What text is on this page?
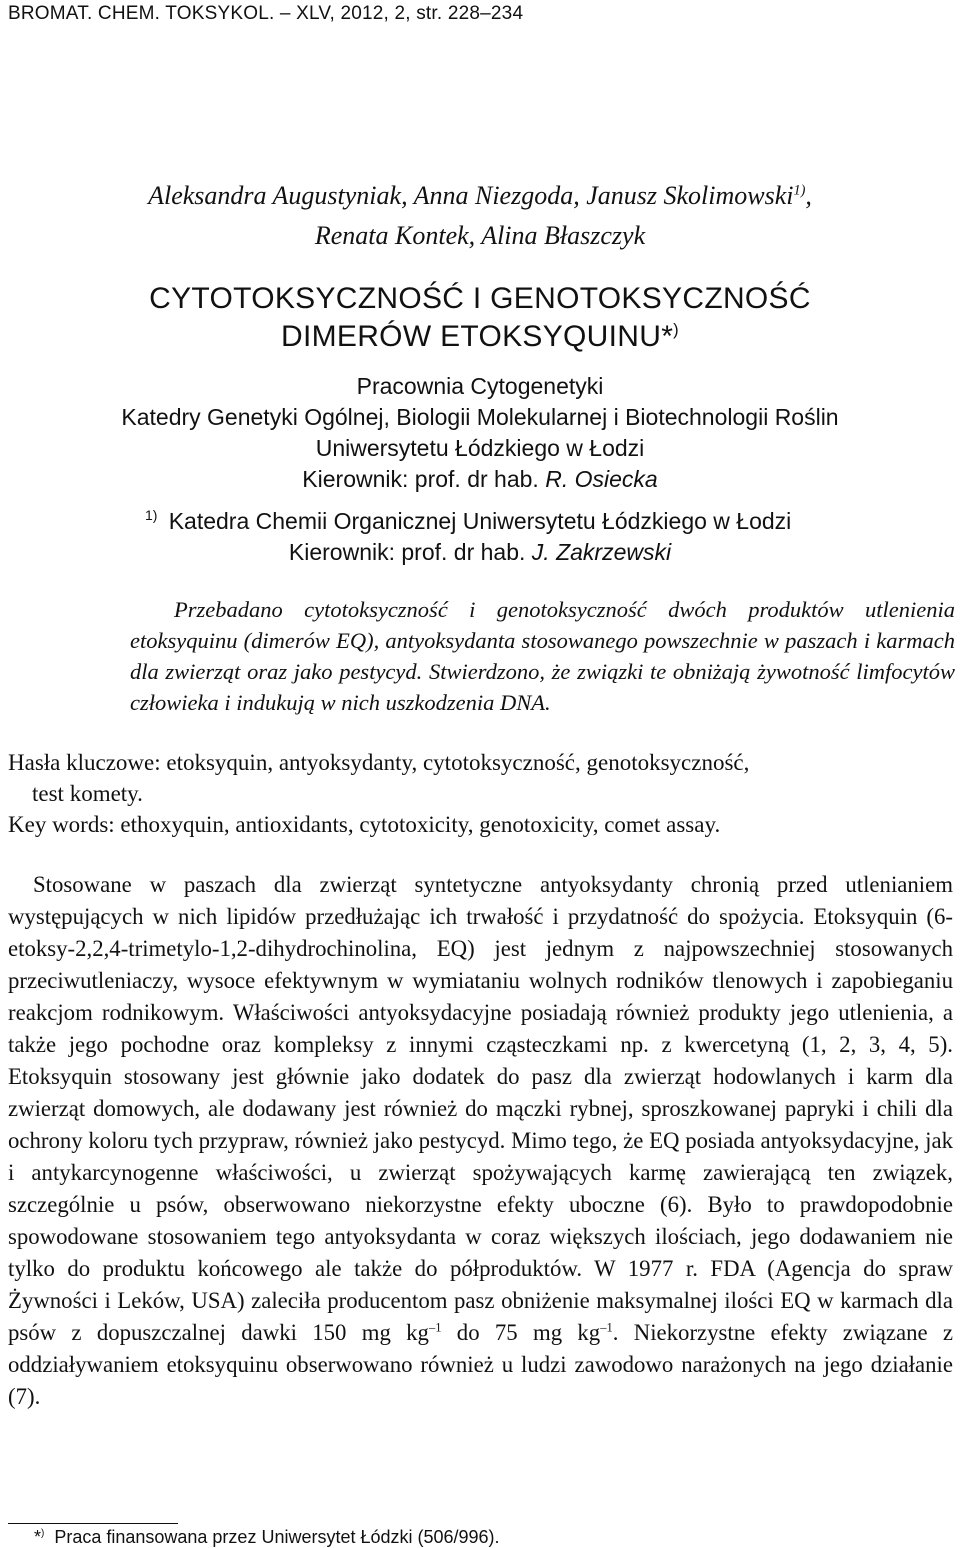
BROMAT. CHEM. TOKSYKOL. – XLV, 2012, 2, str. 228–234
Aleksandra Augustyniak, Anna Niezgoda, Janusz Skolimowski$^{1)}$,
Renata Kontek, Alina Błaszczyk
CYTOTOKSYCZNOŚĆ I GENOTOKSYCZNOŚĆ
DIMERÓW ETOKSYQUINU*)
Pracownia Cytogenetyki
Katedry Genetyki Ogólnej, Biologii Molekularnej i Biotechnologii Roślin
Uniwersytetu Łódzkiego w Łodzi
Kierownik: prof. dr hab. R. Osiecka
1) Katedra Chemii Organicznej Uniwersytetu Łódzkiego w Łodzi
Kierownik: prof. dr hab. J. Zakrzewski
Przebadano cytotoksyczność i genotoksyczność dwóch produktów utlenienia etoksyquinu (dimerów EQ), antyoksydanta stosowanego powszechnie w paszach i karmach dla zwierząt oraz jako pestycyd. Stwierdzono, że związki te obniżają żywotność limfocytów człowieka i indukują w nich uszkodzenia DNA.
Hasła kluczowe: etoksyquin, antyoksydanty, cytotoksyczność, genotoksyczność,
test komety.
Key words: ethoxyquin, antioxidants, cytotoxicity, genotoxicity, comet assay.
Stosowane w paszach dla zwierząt syntetyczne antyoksydanty chronią przed utlenianiem występujących w nich lipidów przedłużając ich trwałość i przydatność do spożycia. Etoksyquin (6-etoksy-2,2,4-trimetylo-1,2-dihydrochinolina, EQ) jest jednym z najpowszechniej stosowanych przeciwutleniaczy, wysoce efektywnym w wymiataniu wolnych rodników tlenowych i zapobieganiu reakcjom rodnikowym. Właściwości antyoksydacyjne posiadają również produkty jego utlenienia, a także jego pochodne oraz kompleksy z innymi cząsteczkami np. z kwercetyną (1, 2, 3, 4, 5). Etoksyquin stosowany jest głównie jako dodatek do pasz dla zwierząt hodowlanych i karm dla zwierząt domowych, ale dodawany jest również do mączki rybnej, sproszkowanej papryki i chili dla ochrony koloru tych przypraw, również jako pestycyd. Mimo tego, że EQ posiada antyoksydacyjne, jak i antykarcynogenne właściwości, u zwierząt spożywających karmę zawierającą ten związek, szczególnie u psów, obserwowano niekorzystne efekty uboczne (6). Było to prawdopodobnie spowodowane stosowaniem tego antyoksydanta w coraz większych ilościach, jego dodawaniem nie tylko do produktu końcowego ale także do półproduktów. W 1977 r. FDA (Agencja do spraw Żywności i Leków, USA) zaleciła producentom pasz obniżenie maksymalnej ilości EQ w karmach dla psów z dopuszczalnej dawki 150 mg $kg^{-1}$ do 75 mg $kg^{-1}$. Niekorzystne efekty związane z oddziaływaniem etoksyquinu obserwowano również u ludzi zawodowo narażonych na jego działanie (7).
*) Praca finansowana przez Uniwersytet Łódzki (506/996).
